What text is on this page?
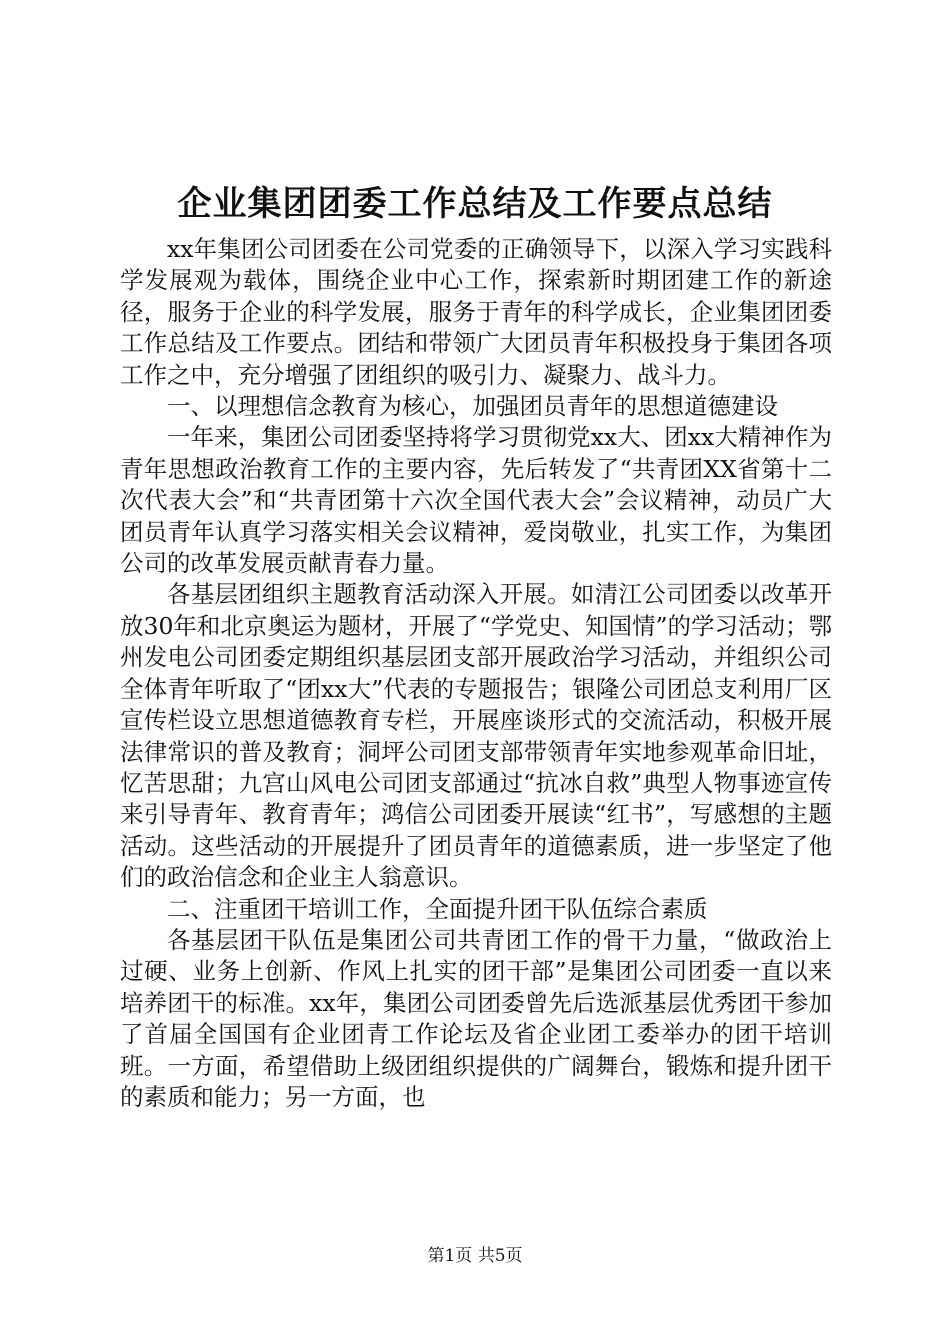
企业集团团委工作总结及工作要点总结

xx年集团公司团委在公司党委的正确领导下，以深入学习实践科学发展观为载体，围绕企业中心工作，探索新时期团建工作的新途径，服务于企业的科学发展，服务于青年的科学成长，企业集团团委工作总结及工作要点。团结和带领广大团员青年积极投身于集团各项工作之中，充分增强了团组织的吸引力、凝聚力、战斗力。

一、以理想信念教育为核心，加强团员青年的思想道德建设

一年来，集团公司团委坚持将学习贯彻党xx大、团xx大精神作为青年思想政治教育工作的主要内容，先后转发了“共青团XX省第十二次代表大会”和“共青团第十六次全国代表大会”会议精神，动员广大团员青年认真学习落实相关会议精神，爱岗敬业，扎实工作，为集团公司的改革发展贡献青春力量。

各基层团组织主题教育活动深入开展。如清江公司团委以改革开放30年和北京奥运为题材，开展了“学党史、知国情”的学习活动；鄂州发电公司团委定期组织基层团支部开展政治学习活动，并组织公司全体青年听取了“团xx大”代表的专题报告；银隆公司团总支利用厂区宣传栏设立思想道德教育专栏，开展座谈形式的交流活动，积极开展法律常识的普及教育；洞坪公司团支部带领青年实地参观革命旧址，忆苦思甜；九宫山风电公司团支部通过“抗冰自救”典型人物事迹宣传来引导青年、教育青年；鸿信公司团委开展读“红书”，写感想的主题活动。这些活动的开展提升了团员青年的道德素质，进一步坚定了他们的政治信念和企业主人翁意识。

二、注重团干培训工作，全面提升团干队伍综合素质

各基层团干队伍是集团公司共青团工作的骨干力量，“做政治上过硬、业务上创新、作风上扎实的团干部”是集团公司团委一直以来培养团干的标准。xx年，集团公司团委曾先后选派基层优秀团干参加了首届全国国有企业团青工作论坛及省企业团工委举办的团干培训班。一方面，希望借助上级团组织提供的广阔舞台，锻炼和提升团干的素质和能力；另一方面，也

第1页 共5页
